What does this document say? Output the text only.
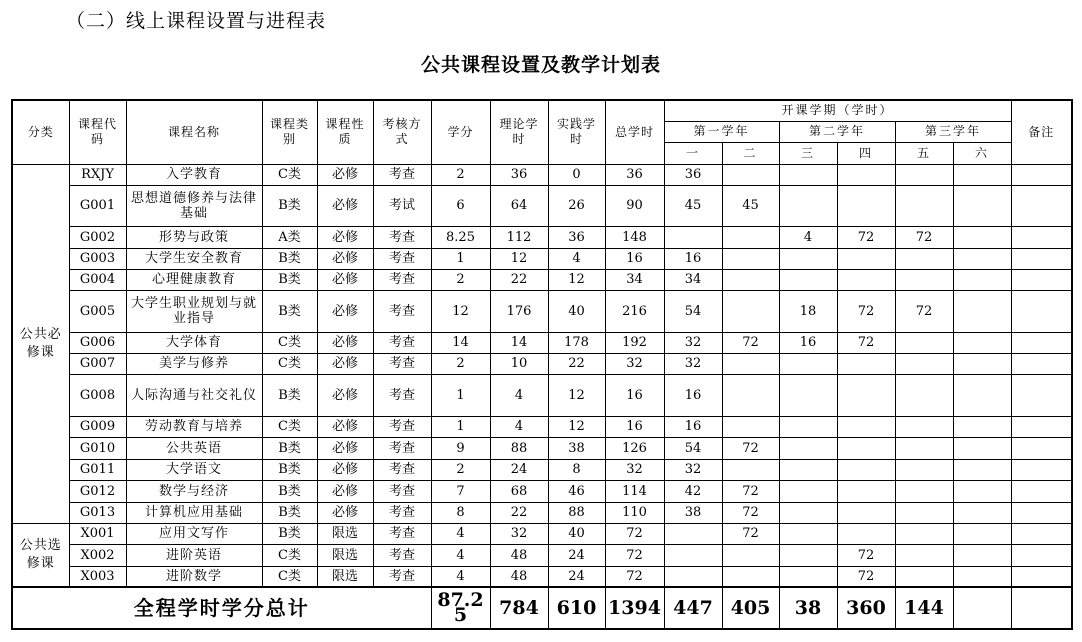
（二）线上课程设置与进程表
公共课程设置及教学计划表
分类	课程代码	课程名称	课程类别	课程性质	考核方式	学分	理论学时	实践学时	总学时	开课学期（学时）						备注
										第一学年		第二学年		第三学年		
										一	二	三	四	五	六	
公共必修课	RXJY	入学教育	C类	必修	考查	2	36	0	36	36						
	G001	思想道德修养与法律基础	B类	必修	考试	6	64	26	90	45	45					
	G002	形势与政策	A类	必修	考查	8.25	112	36	148			4	72	72		
	G003	大学生安全教育	B类	必修	考查	1	12	4	16	16						
	G004	心理健康教育	B类	必修	考查	2	22	12	34	34						
	G005	大学生职业规划与就业指导	B类	必修	考查	12	176	40	216	54		18	72	72		
	G006	大学体育	C类	必修	考查	14	14	178	192	32	72	16	72			
	G007	美学与修养	C类	必修	考查	2	10	22	32	32						
	G008	人际沟通与社交礼仪	B类	必修	考查	1	4	12	16	16						
	G009	劳动教育与培养	C类	必修	考查	1	4	12	16	16						
	G010	公共英语	B类	必修	考查	9	88	38	126	54	72					
	G011	大学语文	B类	必修	考查	2	24	8	32	32						
	G012	数学与经济	B类	必修	考查	7	68	46	114	42	72					
	G013	计算机应用基础	B类	必修	考查	8	22	88	110	38	72					
公共选修课	X001	应用文写作	B类	限选	考查	4	32	40	72		72					
	X002	进阶英语	C类	限选	考查	4	48	24	72				72			
	X003	进阶数学	C类	限选	考查	4	48	24	72				72			
全程学时学分总计						87.25	784	610	1394	447	405	38	360	144		
